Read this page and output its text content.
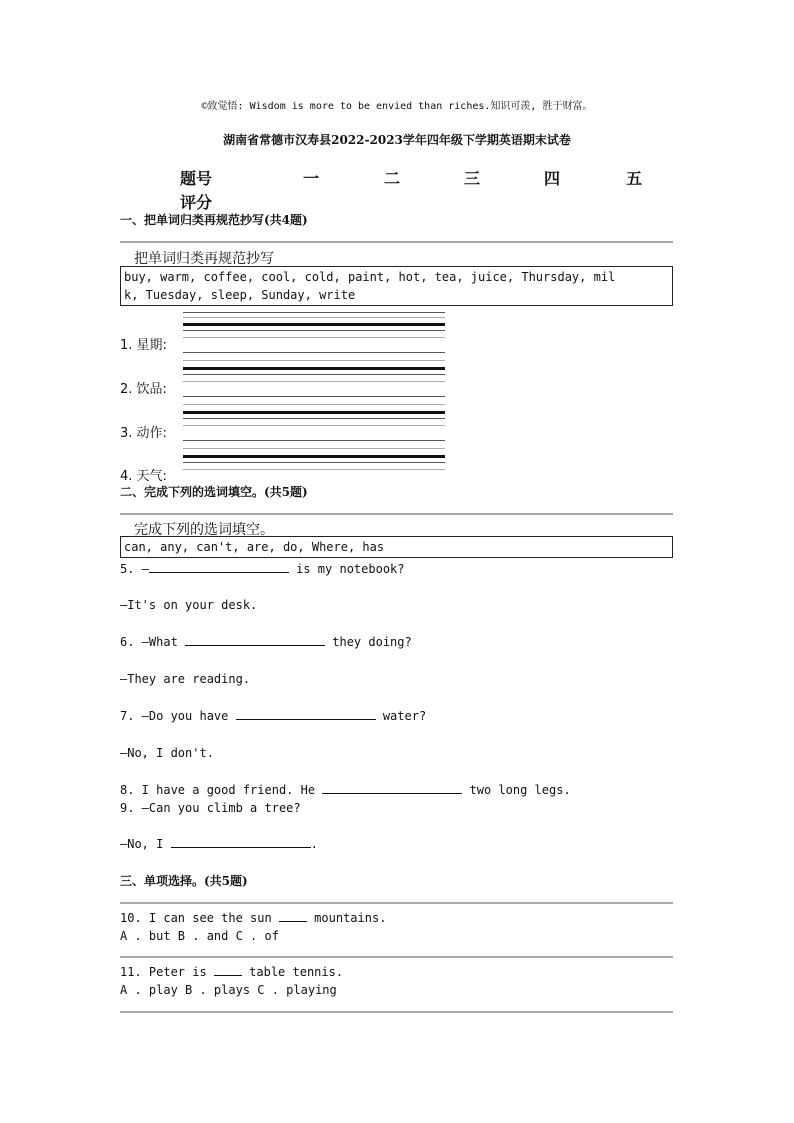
©致觉悟: Wisdom is more to be envied than riches.知识可羡, 胜于财富。
湖南省常德市汉寿县2022-2023学年四年级下学期英语期末试卷
题号	一	二	三	四	五
评分
一、把单词归类再规范抄写(共4题)
把单词归类再规范抄写
buy, warm, coffee, cool, cold, paint, hot, tea, juice, Thursday, mil
k, Tuesday, sleep, Sunday, write
1. 星期:
2. 饮品:
3. 动作:
4. 天气:
二、完成下列的选词填空。(共5题)
完成下列的选词填空。
can, any, can't, are, do, Where, has
5. —	is my notebook?
—It's on your desk.
6. —What	they doing?
—They are reading.
7. —Do you have	water?
—No, I don't.
8. I have a good friend. He	two long legs.
9. —Can you climb a tree?
—No, I	.
三、单项选择。(共5题)
10. I can see the sun  mountains.
A . but B . and C . of
11. Peter is  table tennis.
A . play B . plays C . playing
